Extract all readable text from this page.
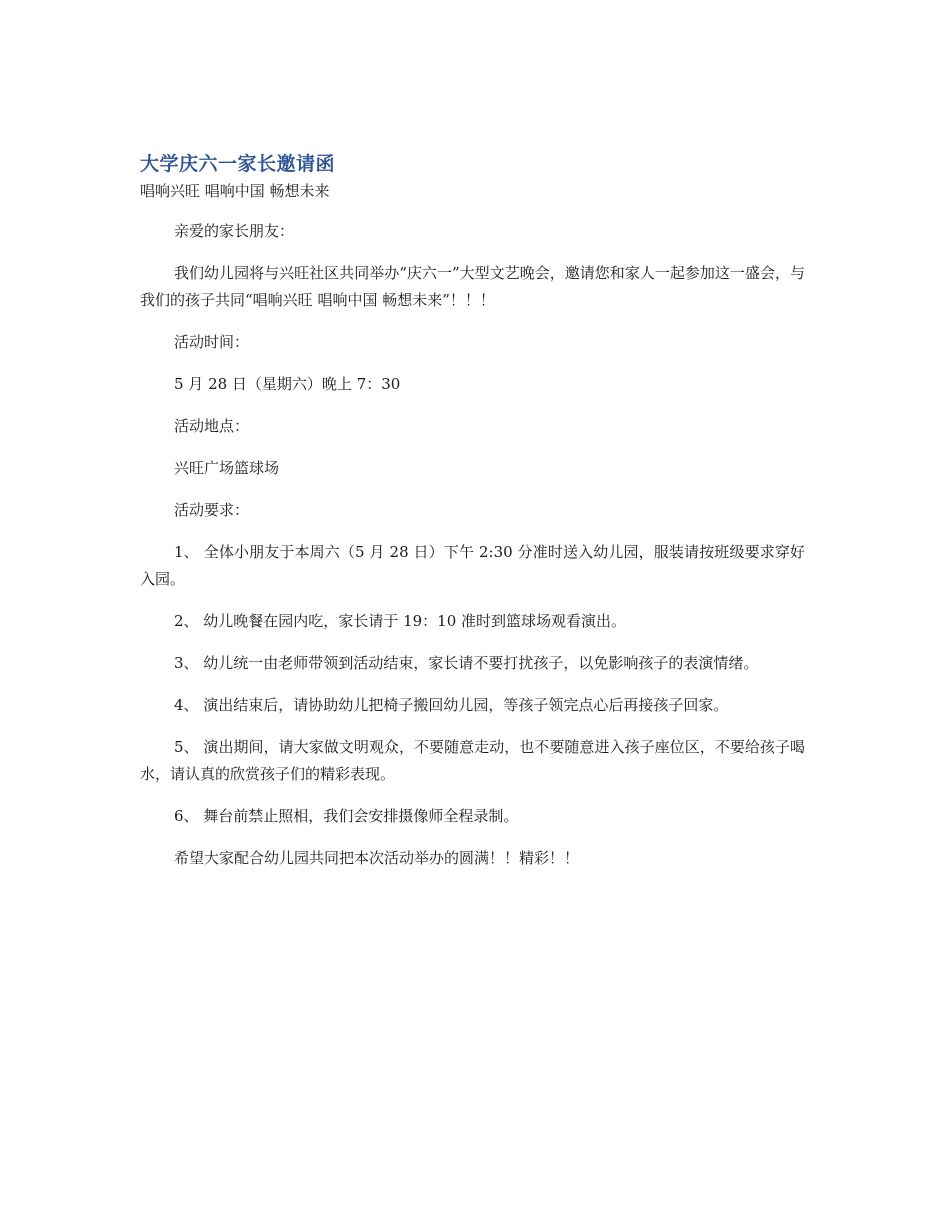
大学庆六一家长邀请函

唱响兴旺 唱响中国 畅想未来

亲爱的家长朋友：

我们幼儿园将与兴旺社区共同举办“庆六一”大型文艺晚会，邀请您和家人一起参加这一盛会，与我们的孩子共同“唱响兴旺 唱响中国 畅想未来”！！！

活动时间：

5 月 28 日（星期六）晚上 7：30

活动地点：

兴旺广场篮球场

活动要求：

1、 全体小朋友于本周六（5 月 28 日）下午 2:30 分准时送入幼儿园，服装请按班级要求穿好入园。

2、 幼儿晚餐在园内吃，家长请于 19：10 准时到篮球场观看演出。

3、 幼儿统一由老师带领到活动结束，家长请不要打扰孩子，以免影响孩子的表演情绪。

4、 演出结束后，请协助幼儿把椅子搬回幼儿园，等孩子领完点心后再接孩子回家。

5、 演出期间，请大家做文明观众，不要随意走动，也不要随意进入孩子座位区，不要给孩子喝水，请认真的欣赏孩子们的精彩表现。

6、 舞台前禁止照相，我们会安排摄像师全程录制。

希望大家配合幼儿园共同把本次活动举办的圆满！！精彩！！
